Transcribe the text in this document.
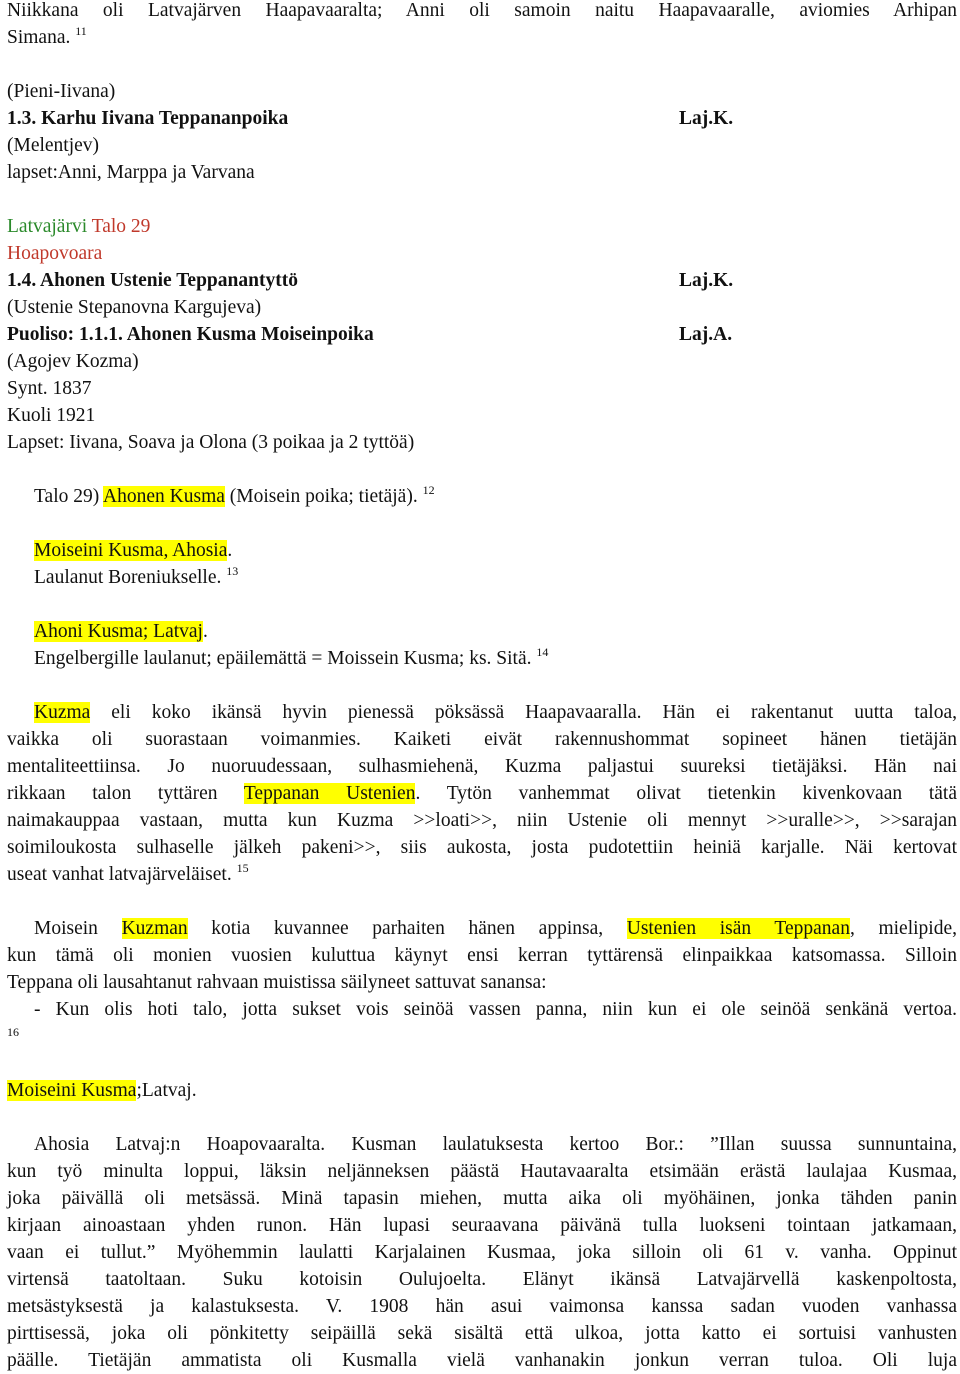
Niikkana oli Latvajärven Haapavaaralta; Anni oli samoin naitu Haapavaaralle, aviomies Arhipan
Simana. $^{11}$
(Pieni-Iivana)
1.3. Karhu Iivana Teppananpoika	Laj.K.
(Melentjev)
lapset:Anni, Marppa ja Varvana
Latvajärvi Talo 29
Hoapovoara
1.4. Ahonen Ustenie Teppanantyttö	Laj.K.
(Ustenie Stepanovna Kargujeva)
Puoliso: 1.1.1. Ahonen Kusma Moiseinpoika	Laj.A.
(Agojev Kozma)
Synt. 1837
Kuoli 1921
Lapset: Iivana, Soava ja Olona (3 poikaa ja 2 tyttöä)
Talo 29) Ahonen Kusma (Moisein poika; tietäjä). $^{12}$
Moiseini Kusma, Ahosia.
Laulanut Boreniukselle. $^{13}$
Ahoni Kusma; Latvaj.
Engelbergille laulanut; epäilemättä = Moissein Kusma; ks. Sitä. $^{14}$
Kuzma eli koko ikänsä hyvin pienessä pöksässä Haapavaaralla. Hän ei rakentanut uutta taloa,
vaikka oli suorastaan voimanmies. Kaiketi eivät rakennushommat sopineet hänen tietäjän
mentaliteettiinsa. Jo nuoruudessaan, sulhasmiehenä, Kuzma paljastui suureksi tietäjäksi. Hän nai
rikkaan talon tyttären Teppanan Ustenien. Tytön vanhemmat olivat tietenkin kivenkovaan tätä
naimakauppaa vastaan, mutta kun Kuzma >>loati>>, niin Ustenie oli mennyt >>uralle>>, >>sarajan
soimiloukosta sulhaselle jälkeh pakeni>>, siis aukosta, josta pudotettiin heiniä karjalle. Näi kertovat
useat vanhat latvajärveläiset. $^{15}$
Moisein Kuzman kotia kuvannee parhaiten hänen appinsa, Ustenien isän Teppanan, mielipide,
kun tämä oli monien vuosien kuluttua käynyt ensi kerran tyttärensä elinpaikkaa katsomassa. Silloin
Teppana oli lausahtanut rahvaan muistissa säilyneet sattuvat sanansa:
- Kun olis hoti talo, jotta sukset vois seinöä vassen panna, niin kun ei ole seinöä senkänä vertoa.
16
Moiseini Kusma;Latvaj.
Ahosia Latvaj:n Hoapovaaralta. Kusman laulatuksesta kertoo Bor.: ”Illan suussa sunnuntaina,
kun työ minulta loppui, läksin neljänneksen päästä Hautavaaralta etsimään erästä laulajaa Kusmaa,
joka päivällä oli metsässä. Minä tapasin miehen, mutta aika oli myöhäinen, jonka tähden panin
kirjaan ainoastaan yhden runon. Hän lupasi seuraavana päivänä tulla luokseni tointaan jatkamaan,
vaan ei tullut.” Myöhemmin laulatti Karjalainen Kusmaa, joka silloin oli 61 v. vanha. Oppinut
virtensä taatoltaan. Suku kotoisin Oulujoelta. Elänyt ikänsä Latvajärvellä kaskenpoltosta,
metsästyksestä ja kalastuksesta. V. 1908 hän asui vaimonsa kanssa sadan vuoden vanhassa
pirttisessä, joka oli pönkitetty seipäillä sekä sisältä että ulkoa, jotta katto ei sortuisi vanhusten
päälle. Tietäjän ammatista oli Kusmalla vielä vanhanakin jonkun verran tuloa. Oli luja
